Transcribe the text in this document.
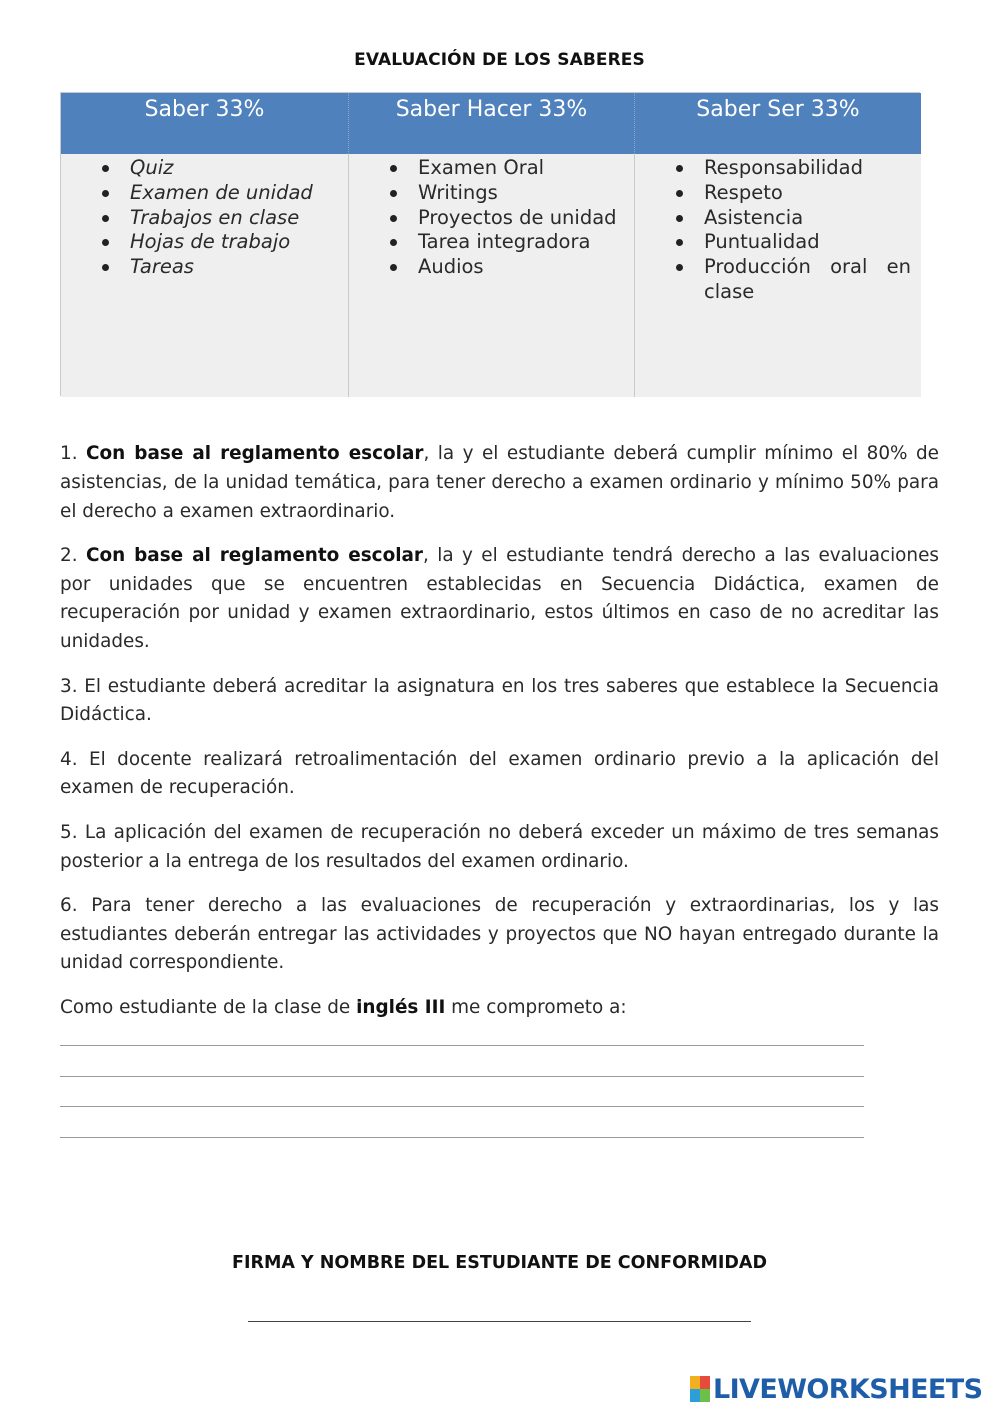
EVALUACIÓN DE LOS SABERES
Saber 33%	Saber Hacer 33%	Saber Ser 33%
Quiz
Examen de unidad
Trabajos en clase
Hojas de trabajo
Tareas
Examen Oral
Writings
Proyectos de unidad
Tarea integradora
Audios
Responsabilidad
Respeto
Asistencia
Puntualidad
Producción oral en
clase

1. Con base al reglamento escolar, la y el estudiante deberá cumplir mínimo el 80% de asistencias, de la unidad temática, para tener derecho a examen ordinario y mínimo 50% para el derecho a examen extraordinario.

2. Con base al reglamento escolar, la y el estudiante tendrá derecho a las evaluaciones por unidades que se encuentren establecidas en Secuencia Didáctica, examen de recuperación por unidad y examen extraordinario, estos últimos en caso de no acreditar las unidades.

3. El estudiante deberá acreditar la asignatura en los tres saberes que establece la Secuencia Didáctica.

4. El docente realizará retroalimentación del examen ordinario previo a la aplicación del examen de recuperación.

5. La aplicación del examen de recuperación no deberá exceder un máximo de tres semanas posterior a la entrega de los resultados del examen ordinario.

6. Para tener derecho a las evaluaciones de recuperación y extraordinarias, los y las estudiantes deberán entregar las actividades y proyectos que NO hayan entregado durante la unidad correspondiente.

Como estudiante de la clase de inglés III me comprometo a:

FIRMA Y NOMBRE DEL ESTUDIANTE DE CONFORMIDAD
LIVEWORKSHEETS
